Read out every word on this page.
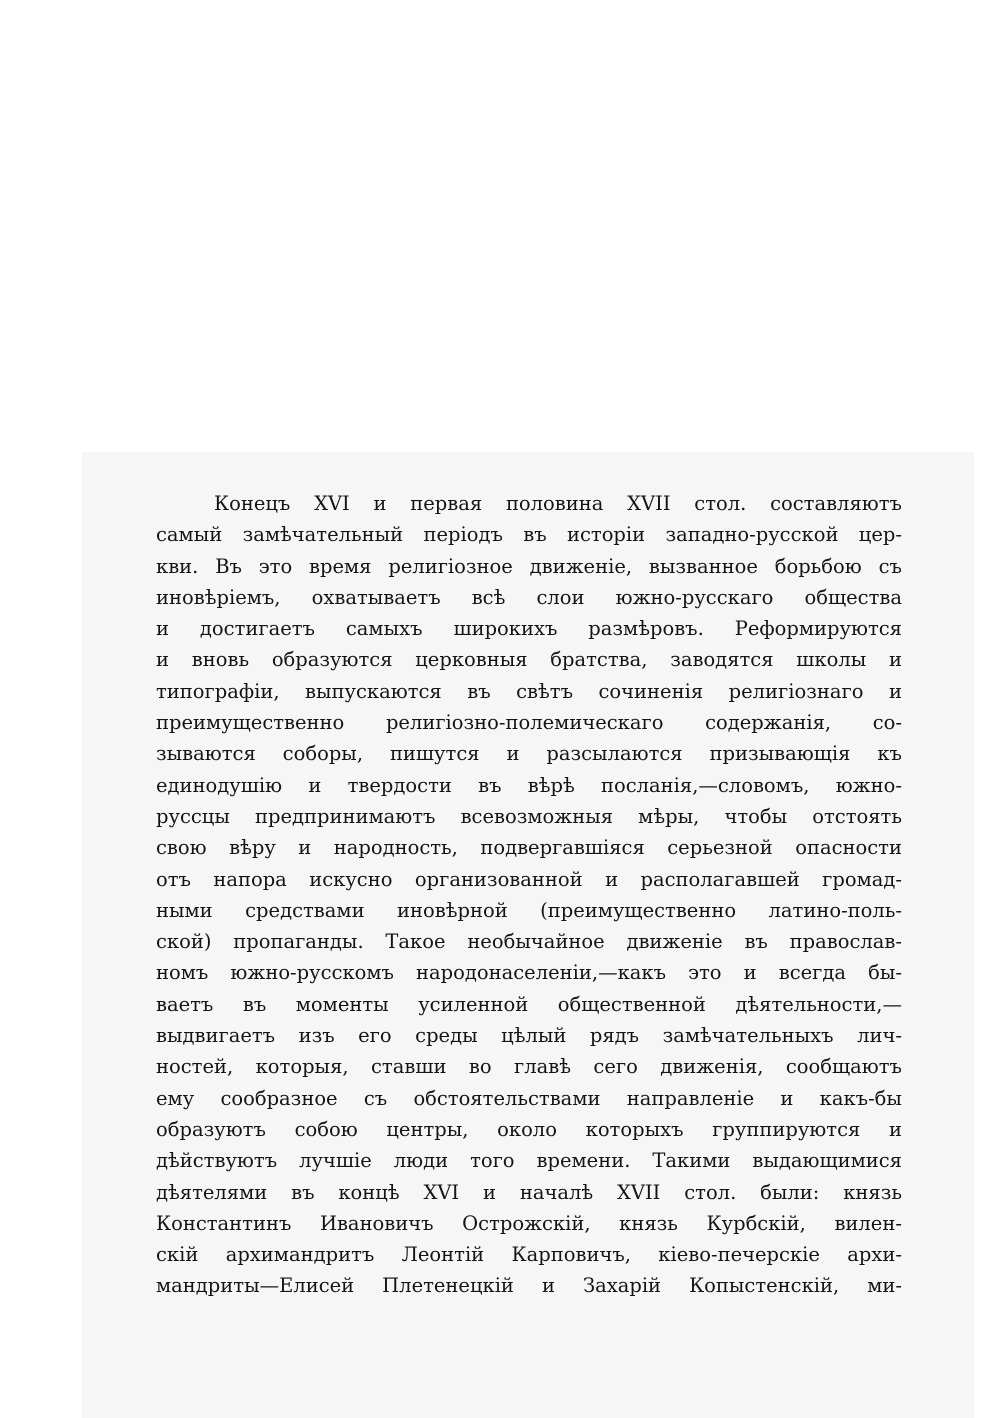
Конецъ XVI и первая половина XVII стол. составляютъ
самый замѣчательный періодъ въ исторіи западно-русской цер-
кви. Въ это время религіозное движеніе, вызванное борьбою съ
иновѣріемъ, охватываетъ всѣ слои южно-русскаго общества
и достигаетъ самыхъ широкихъ размѣровъ. Реформируются
и вновь образуются церковныя братства, заводятся школы и
типографіи, выпускаются въ свѣтъ сочиненія религіознаго и
преимущественно религіозно-полемическаго содержанія, со-
зываются соборы, пишутся и разсылаются призывающія къ
единодушію и твердости въ вѣрѣ посланія,—словомъ, южно-
руссцы предпринимаютъ всевозможныя мѣры, чтобы отстоять
свою вѣру и народность, подвергавшіяся серьезной опасности
отъ напора искусно организованной и располагавшей громад-
ными средствами иновѣрной (преимущественно латино-поль-
ской) пропаганды. Такое необычайное движеніе въ православ-
номъ южно-русскомъ народонаселеніи,—какъ это и всегда бы-
ваетъ въ моменты усиленной общественной дѣятельности,—
выдвигаетъ изъ его среды цѣлый рядъ замѣчательныхъ лич-
ностей, которыя, ставши во главѣ сего движенія, сообщаютъ
ему сообразное съ обстоятельствами направленіе и какъ-бы
образуютъ собою центры, около которыхъ группируются и
дѣйствуютъ лучшіе люди того времени. Такими выдающимися
дѣятелями въ концѣ XVI и началѣ XVII стол. были: князь
Константинъ Ивановичъ Острожскій, князь Курбскій, вилен-
скій архимандритъ Леонтій Карповичъ, кіево-печерскіе архи-
мандриты—Елисей Плетенецкій и Захарій Копыстенскій, ми-
